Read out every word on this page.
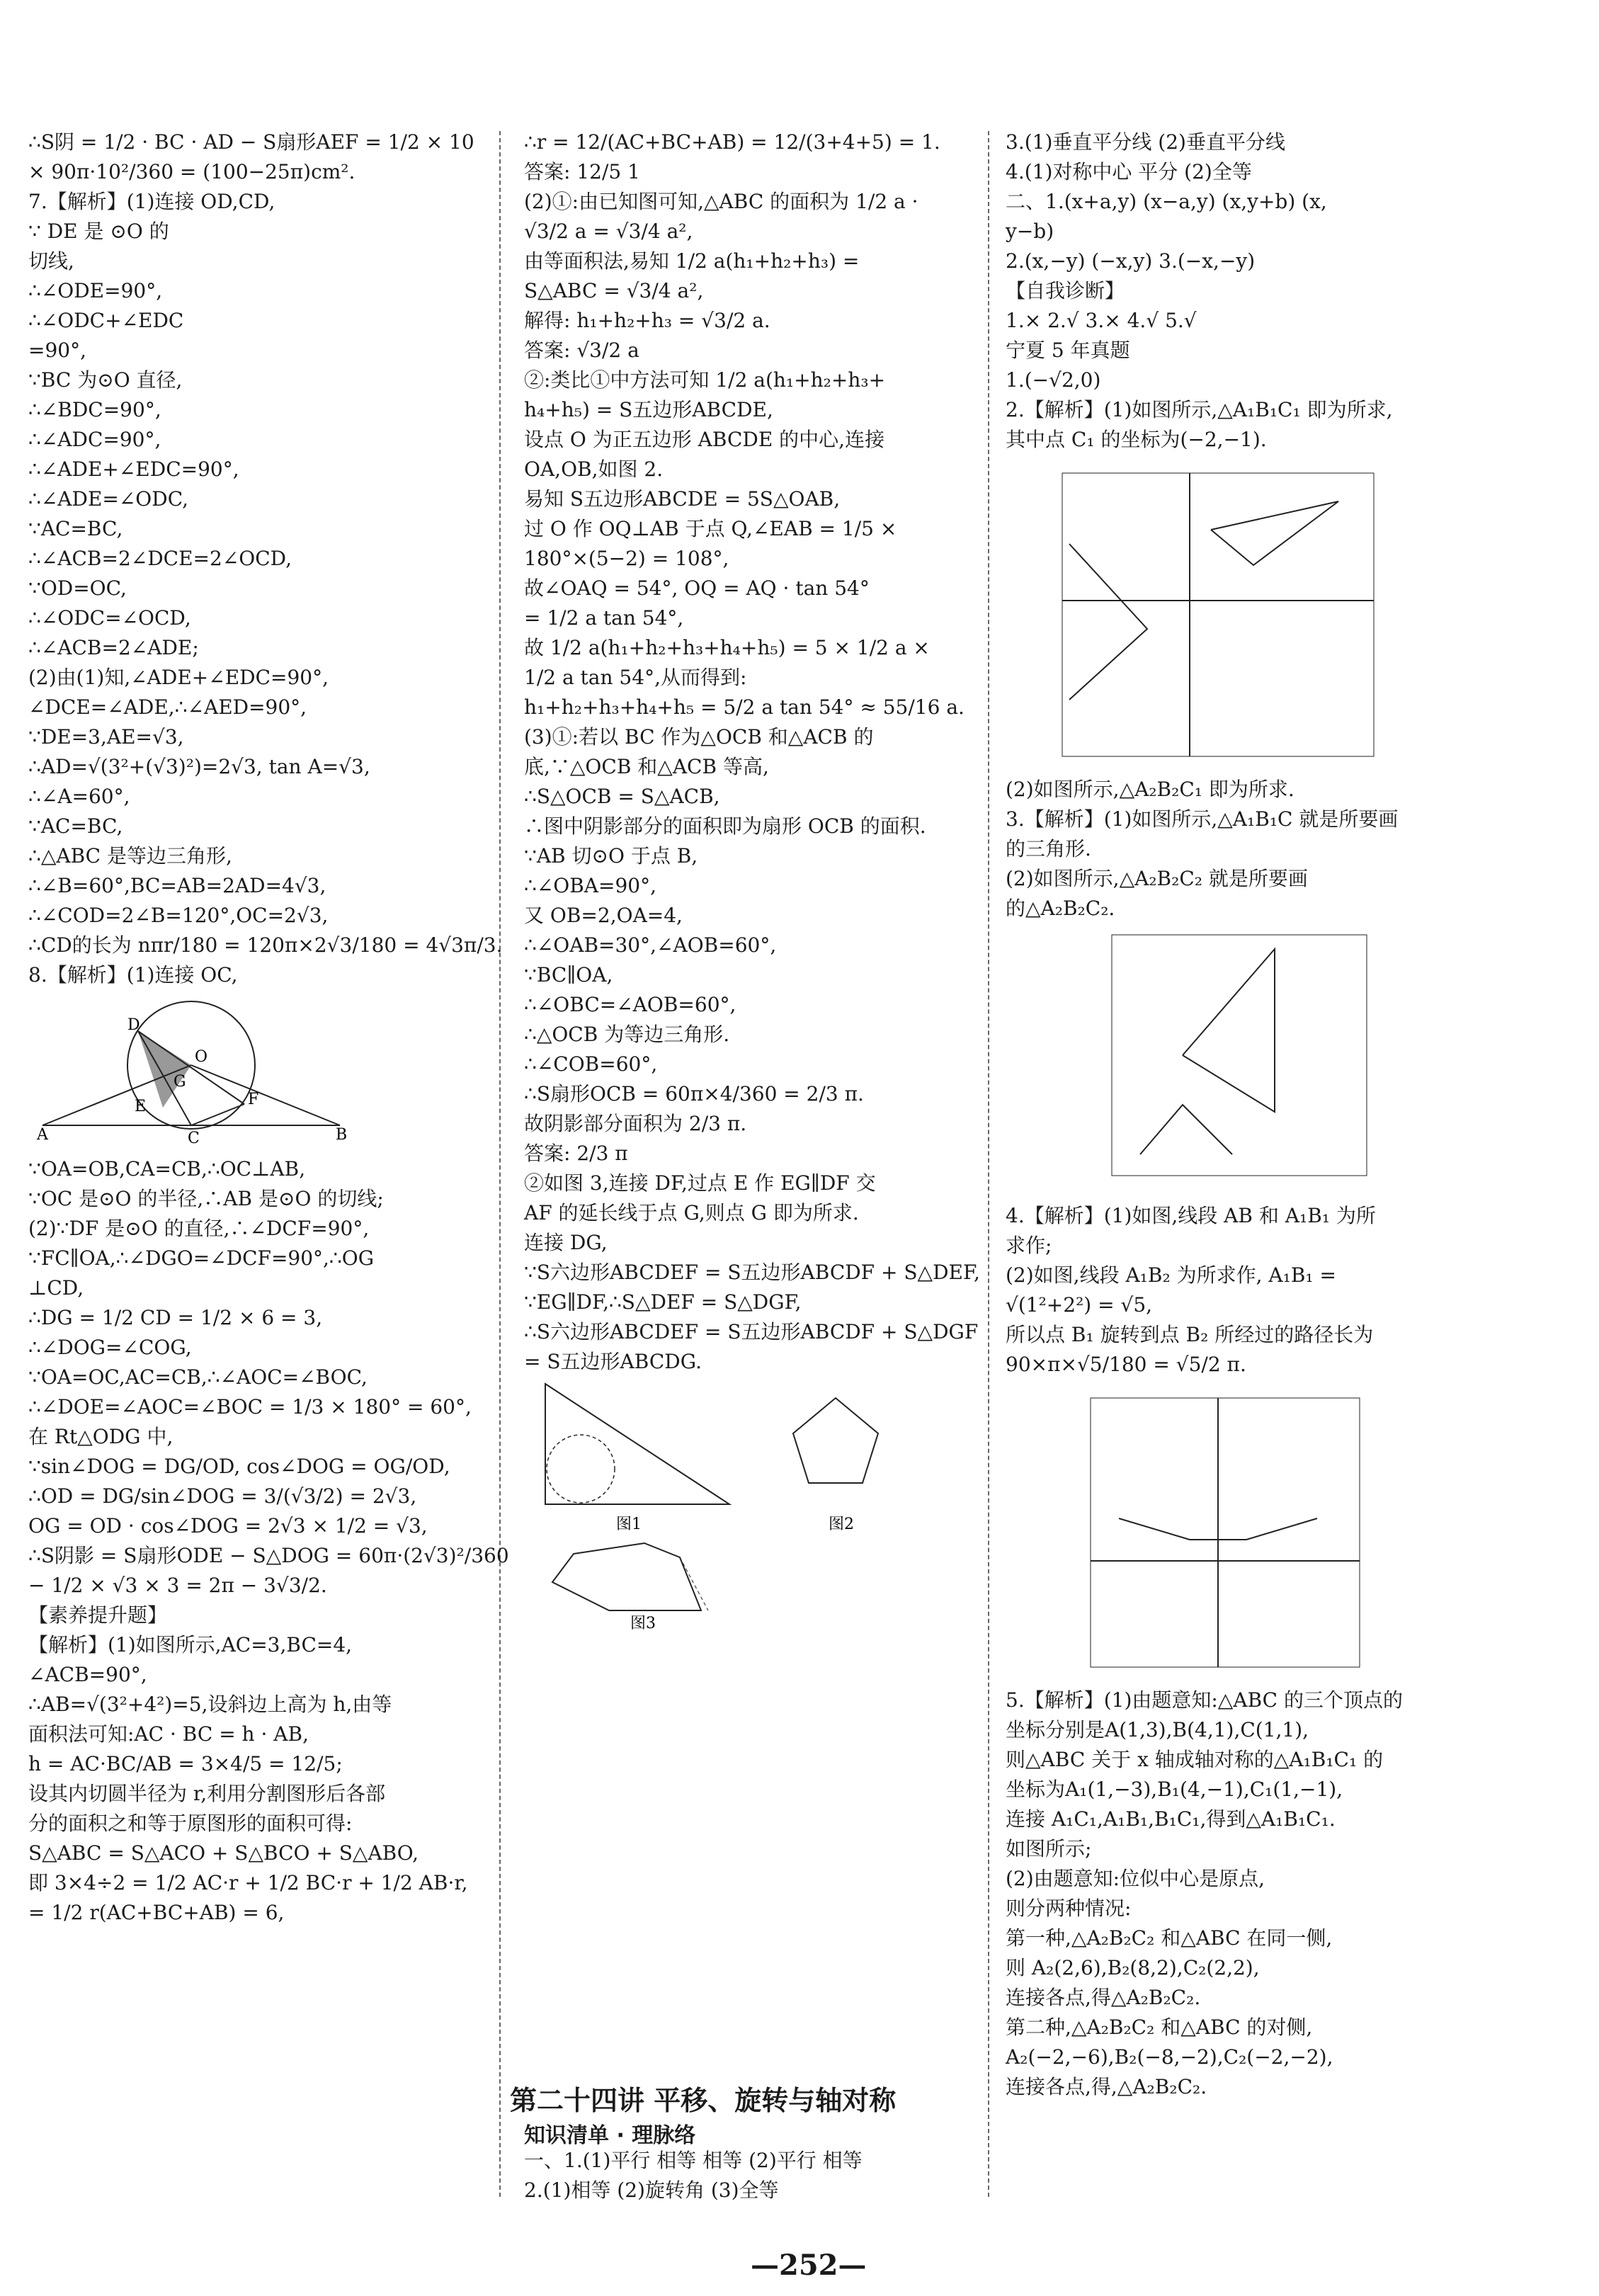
∴S阴 = 1/2 · BC · AD − S扇形AEF = 1/2 × 10
× 90π·10²/360 = (100−25π)cm².
7.【解析】(1)连接 OD,CD,
∵ DE 是 ⊙O 的
切线,
∴∠ODE=90°,
∴∠ODC+∠EDC
=90°,
∵BC 为⊙O 直径,
∴∠BDC=90°,
∴∠ADC=90°,
∴∠ADE+∠EDC=90°,
∴∠ADE=∠ODC,
∵AC=BC,
∴∠ACB=2∠DCE=2∠OCD,
∵OD=OC,
∴∠ODC=∠OCD,
∴∠ACB=2∠ADE;
(2)由(1)知,∠ADE+∠EDC=90°,
∠DCE=∠ADE,∴∠AED=90°,
∵DE=3,AE=√3,
∴AD=√(3²+(√3)²)=2√3, tan A=√3,
∴∠A=60°,
∵AC=BC,
∴△ABC 是等边三角形,
∴∠B=60°,BC=AB=2AD=4√3,
∴∠COD=2∠B=120°,OC=2√3,
∴CD的长为 nπr/180 = 120π×2√3/180 = 4√3π/3.
8.【解析】(1)连接 OC,
D
O
A	B
C
F
E
G
∵OA=OB,CA=CB,∴OC⊥AB,
∵OC 是⊙O 的半径,∴AB 是⊙O 的切线;
(2)∵DF 是⊙O 的直径,∴∠DCF=90°,
∵FC∥OA,∴∠DGO=∠DCF=90°,∴OG
⊥CD,
∴DG = 1/2 CD = 1/2 × 6 = 3,
∴∠DOG=∠COG,
∵OA=OC,AC=CB,∴∠AOC=∠BOC,
∴∠DOE=∠AOC=∠BOC = 1/3 × 180° = 60°,
在 Rt△ODG 中,
∵sin∠DOG = DG/OD, cos∠DOG = OG/OD,
∴OD = DG/sin∠DOG = 3/(√3/2) = 2√3,
OG = OD · cos∠DOG = 2√3 × 1/2 = √3,
∴S阴影 = S扇形ODE − S△DOG = 60π·(2√3)²/360
− 1/2 × √3 × 3 = 2π − 3√3/2.
【素养提升题】
【解析】(1)如图所示,AC=3,BC=4,
∠ACB=90°,
∴AB=√(3²+4²)=5,设斜边上高为 h,由等
面积法可知:AC · BC = h · AB,
h = AC·BC/AB = 3×4/5 = 12/5;
设其内切圆半径为 r,利用分割图形后各部
分的面积之和等于原图形的面积可得:
S△ABC = S△ACO + S△BCO + S△ABO,
即 3×4÷2 = 1/2 AC·r + 1/2 BC·r + 1/2 AB·r,
= 1/2 r(AC+BC+AB) = 6,
∴r = 12/(AC+BC+AB) = 12/(3+4+5) = 1.
答案: 12/5 1
(2)①:由已知图可知,△ABC 的面积为 1/2 a ·
√3/2 a = √3/4 a²,
由等面积法,易知 1/2 a(h₁+h₂+h₃) =
S△ABC = √3/4 a²,
解得: h₁+h₂+h₃ = √3/2 a.
答案: √3/2 a
②:类比①中方法可知 1/2 a(h₁+h₂+h₃+
h₄+h₅) = S五边形ABCDE,
设点 O 为正五边形 ABCDE 的中心,连接
OA,OB,如图 2.
易知 S五边形ABCDE = 5S△OAB,
过 O 作 OQ⊥AB 于点 Q,∠EAB = 1/5 ×
180°×(5−2) = 108°,
故∠OAQ = 54°, OQ = AQ · tan 54°
= 1/2 a tan 54°,
故 1/2 a(h₁+h₂+h₃+h₄+h₅) = 5 × 1/2 a ×
1/2 a tan 54°,从而得到:
h₁+h₂+h₃+h₄+h₅ = 5/2 a tan 54° ≈ 55/16 a.
(3)①:若以 BC 作为△OCB 和△ACB 的
底,∵△OCB 和△ACB 等高,
∴S△OCB = S△ACB,
∴图中阴影部分的面积即为扇形 OCB 的面积.
∵AB 切⊙O 于点 B,
∴∠OBA=90°,
又 OB=2,OA=4,
∴∠OAB=30°,∠AOB=60°,
∵BC∥OA,
∴∠OBC=∠AOB=60°,
∴△OCB 为等边三角形.
∴∠COB=60°,
∴S扇形OCB = 60π×4/360 = 2/3 π.
故阴影部分面积为 2/3 π.
答案: 2/3 π
②如图 3,连接 DF,过点 E 作 EG∥DF 交
AF 的延长线于点 G,则点 G 即为所求.
连接 DG,
∵S六边形ABCDEF = S五边形ABCDF + S△DEF,
∵EG∥DF,∴S△DEF = S△DGF,
∴S六边形ABCDEF = S五边形ABCDF + S△DGF
= S五边形ABCDG.
图1	图2
图3
第二十四讲 平移、旋转与轴对称
知识清单 · 理脉络
一、1.(1)平行 相等 相等 (2)平行 相等
2.(1)相等 (2)旋转角 (3)全等
3.(1)垂直平分线 (2)垂直平分线
4.(1)对称中心 平分 (2)全等
二、1.(x+a,y) (x−a,y) (x,y+b) (x,
y−b)
2.(x,−y) (−x,y) 3.(−x,−y)
【自我诊断】
1.× 2.√ 3.× 4.√ 5.√
宁夏 5 年真题
1.(−√2,0)
2.【解析】(1)如图所示,△A₁B₁C₁ 即为所求,
其中点 C₁ 的坐标为(−2,−1).
(2)如图所示,△A₂B₂C₁ 即为所求.
3.【解析】(1)如图所示,△A₁B₁C 就是所要画
的三角形.
(2)如图所示,△A₂B₂C₂ 就是所要画
的△A₂B₂C₂.
4.【解析】(1)如图,线段 AB 和 A₁B₁ 为所
求作;
(2)如图,线段 A₁B₂ 为所求作, A₁B₁ =
√(1²+2²) = √5,
所以点 B₁ 旋转到点 B₂ 所经过的路径长为
90×π×√5/180 = √5/2 π.
5.【解析】(1)由题意知:△ABC 的三个顶点的
坐标分别是A(1,3),B(4,1),C(1,1),
则△ABC 关于 x 轴成轴对称的△A₁B₁C₁ 的
坐标为A₁(1,−3),B₁(4,−1),C₁(1,−1),
连接 A₁C₁,A₁B₁,B₁C₁,得到△A₁B₁C₁.
如图所示;
(2)由题意知:位似中心是原点,
则分两种情况:
第一种,△A₂B₂C₂ 和△ABC 在同一侧,
则 A₂(2,6),B₂(8,2),C₂(2,2),
连接各点,得△A₂B₂C₂.
第二种,△A₂B₂C₂ 和△ABC 的对侧,
A₂(−2,−6),B₂(−8,−2),C₂(−2,−2),
连接各点,得,△A₂B₂C₂.
—252—
